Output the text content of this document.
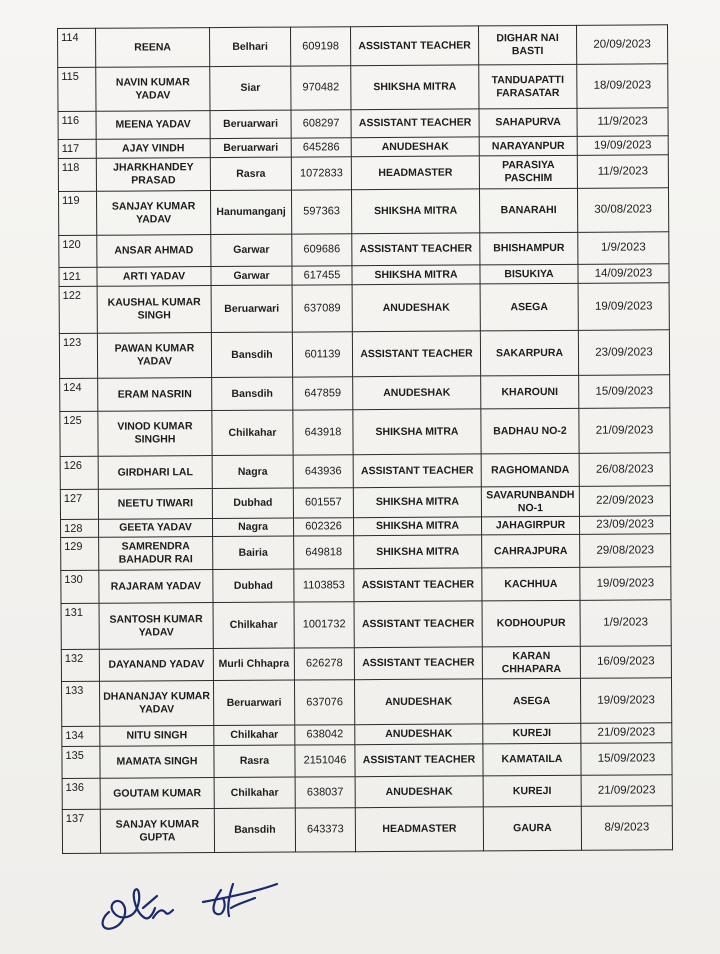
114	REENA	Belhari	609198	ASSISTANT TEACHER	DIGHAR NAI BASTI	20/09/2023
115	NAVIN KUMAR YADAV	Siar	970482	SHIKSHA MITRA	TANDUAPATTI FARASATAR	18/09/2023
116	MEENA YADAV	Beruarwari	608297	ASSISTANT TEACHER	SAHAPURVA	11/9/2023
117	AJAY VINDH	Beruarwari	645286	ANUDESHAK	NARAYANPUR	19/09/2023
118	JHARKHANDEY PRASAD	Rasra	1072833	HEADMASTER	PARASIYA PASCHIM	11/9/2023
119	SANJAY KUMAR YADAV	Hanumanganj	597363	SHIKSHA MITRA	BANARAHI	30/08/2023
120	ANSAR AHMAD	Garwar	609686	ASSISTANT TEACHER	BHISHAMPUR	1/9/2023
121	ARTI YADAV	Garwar	617455	SHIKSHA MITRA	BISUKIYA	14/09/2023
122	KAUSHAL KUMAR SINGH	Beruarwari	637089	ANUDESHAK	ASEGA	19/09/2023
123	PAWAN KUMAR YADAV	Bansdih	601139	ASSISTANT TEACHER	SAKARPURA	23/09/2023
124	ERAM NASRIN	Bansdih	647859	ANUDESHAK	KHAROUNI	15/09/2023
125	VINOD KUMAR SINGHH	Chilkahar	643918	SHIKSHA MITRA	BADHAU NO-2	21/09/2023
126	GIRDHARI LAL	Nagra	643936	ASSISTANT TEACHER	RAGHOMANDA	26/08/2023
127	NEETU TIWARI	Dubhad	601557	SHIKSHA MITRA	SAVARUNBANDH NO-1	22/09/2023
128	GEETA YADAV	Nagra	602326	SHIKSHA MITRA	JAHAGIRPUR	23/09/2023
129	SAMRENDRA BAHADUR RAI	Bairia	649818	SHIKSHA MITRA	CAHRAJPURA	29/08/2023
130	RAJARAM YADAV	Dubhad	1103853	ASSISTANT TEACHER	KACHHUA	19/09/2023
131	SANTOSH KUMAR YADAV	Chilkahar	1001732	ASSISTANT TEACHER	KODHOUPUR	1/9/2023
132	DAYANAND YADAV	Murli Chhapra	626278	ASSISTANT TEACHER	KARAN CHHAPARA	16/09/2023
133	DHANANJAY KUMAR YADAV	Beruarwari	637076	ANUDESHAK	ASEGA	19/09/2023
134	NITU SINGH	Chilkahar	638042	ANUDESHAK	KUREJI	21/09/2023
135	MAMATA SINGH	Rasra	2151046	ASSISTANT TEACHER	KAMATAILA	15/09/2023
136	GOUTAM KUMAR	Chilkahar	638037	ANUDESHAK	KUREJI	21/09/2023
137	SANJAY KUMAR GUPTA	Bansdih	643373	HEADMASTER	GAURA	8/9/2023
